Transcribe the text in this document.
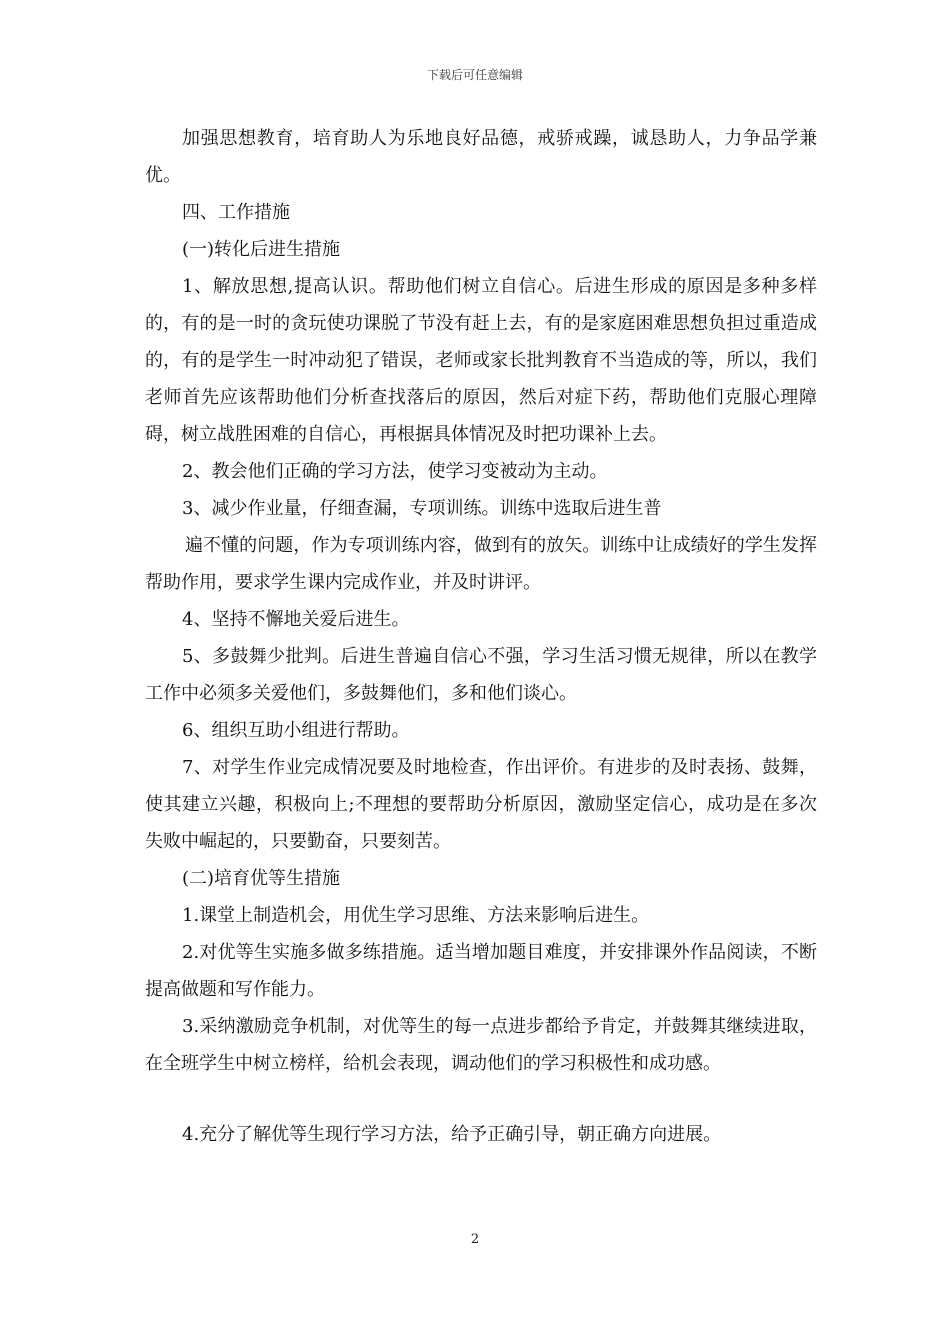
下载后可任意编辑

加强思想教育，培育助人为乐地良好品德，戒骄戒躁，诚恳助人，力争品学兼优。

四、工作措施

(一)转化后进生措施

1、解放思想,提高认识。帮助他们树立自信心。后进生形成的原因是多种多样的，有的是一时的贪玩使功课脱了节没有赶上去，有的是家庭困难思想负担过重造成的，有的是学生一时冲动犯了错误，老师或家长批判教育不当造成的等，所以，我们老师首先应该帮助他们分析查找落后的原因，然后对症下药，帮助他们克服心理障碍，树立战胜困难的自信心，再根据具体情况及时把功课补上去。

2、教会他们正确的学习方法，使学习变被动为主动。

3、减少作业量，仔细查漏，专项训练。训练中选取后进生普

遍不懂的问题，作为专项训练内容，做到有的放矢。训练中让成绩好的学生发挥帮助作用，要求学生课内完成作业，并及时讲评。

4、坚持不懈地关爱后进生。

5、多鼓舞少批判。后进生普遍自信心不强，学习生活习惯无规律，所以在教学工作中必须多关爱他们，多鼓舞他们，多和他们谈心。

6、组织互助小组进行帮助。

7、对学生作业完成情况要及时地检查，作出评价。有进步的及时表扬、鼓舞，使其建立兴趣，积极向上;不理想的要帮助分析原因，激励坚定信心，成功是在多次失败中崛起的，只要勤奋，只要刻苦。

(二)培育优等生措施

1.课堂上制造机会，用优生学习思维、方法来影响后进生。

2.对优等生实施多做多练措施。适当增加题目难度，并安排课外作品阅读，不断提高做题和写作能力。

3.采纳激励竞争机制，对优等生的每一点进步都给予肯定，并鼓舞其继续进取，在全班学生中树立榜样，给机会表现，调动他们的学习积极性和成功感。

4.充分了解优等生现行学习方法，给予正确引导，朝正确方向进展。

2
